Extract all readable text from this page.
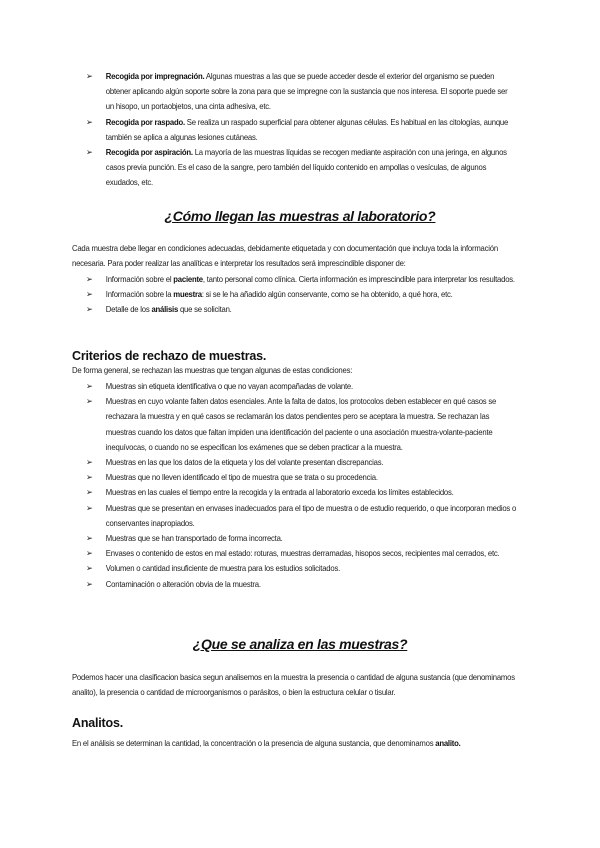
➢	Recogida por impregnación. Algunas muestras a las que se puede acceder desde el exterior del organismo se pueden obtener aplicando algún soporte sobre la zona para que se impregne con la sustancia que nos interesa. El soporte puede ser un hisopo, un portaobjetos, una cinta adhesiva, etc.
➢	Recogida por raspado. Se realiza un raspado superficial para obtener algunas células. Es habitual en las citologías, aunque también se aplica a algunas lesiones cutáneas.
➢	Recogida por aspiración. La mayoría de las muestras líquidas se recogen mediante aspiración con una jeringa, en algunos casos previa punción. Es el caso de la sangre, pero también del líquido contenido en ampollas o vesículas, de algunos exudados, etc.
¿Cómo llegan las muestras al laboratorio?
Cada muestra debe llegar en condiciones adecuadas, debidamente etiquetada y con documentación que incluya toda la información necesaria. Para poder realizar las analíticas e interpretar los resultados será imprescindible disponer de:
➢	Información sobre el paciente, tanto personal como clínica. Cierta información es imprescindible para interpretar los resultados.
➢	Información sobre la muestra: si se le ha añadido algún conservante, como se ha obtenido, a qué hora, etc.
➢	Detalle de los análisis que se solicitan.
Criterios de rechazo de muestras.
De forma general, se rechazan las muestras que tengan algunas de estas condiciones:
➢	Muestras sin etiqueta identificativa o que no vayan acompañadas de volante.
➢	Muestras en cuyo volante falten datos esenciales. Ante la falta de datos, los protocolos deben establecer en qué casos se rechazara la muestra y en qué casos se reclamarán los datos pendientes pero se aceptara la muestra. Se rechazan las muestras cuando los datos que faltan impiden una identificación del paciente o una asociación muestra-volante-paciente inequívocas, o cuando no se especifican los exámenes que se deben practicar a la muestra.
➢	Muestras en las que los datos de la etiqueta y los del volante presentan discrepancias.
➢	Muestras que no lleven identificado el tipo de muestra que se trata o su procedencia.
➢	Muestras en las cuales el tiempo entre la recogida y la entrada al laboratorio exceda los límites establecidos.
➢	Muestras que se presentan en envases inadecuados para el tipo de muestra o de estudio requerido, o que incorporan medios o conservantes inapropiados.
➢	Muestras que se han transportado de forma incorrecta.
➢	Envases o contenido de estos en mal estado: roturas, muestras derramadas, hisopos secos, recipientes mal cerrados, etc.
➢	Volumen o cantidad insuficiente de muestra para los estudios solicitados.
➢	Contaminación o alteración obvia de la muestra.
¿Que se analiza en las muestras?
Podemos hacer una clasificacion basica segun analisemos en la muestra la presencia o cantidad de alguna sustancia (que denominamos analito), la presencia o cantidad de microorganismos o parásitos, o bien la estructura celular o tisular.
Analitos.
En el análisis se determinan la cantidad, la concentración o la presencia de alguna sustancia, que denominamos analito.
